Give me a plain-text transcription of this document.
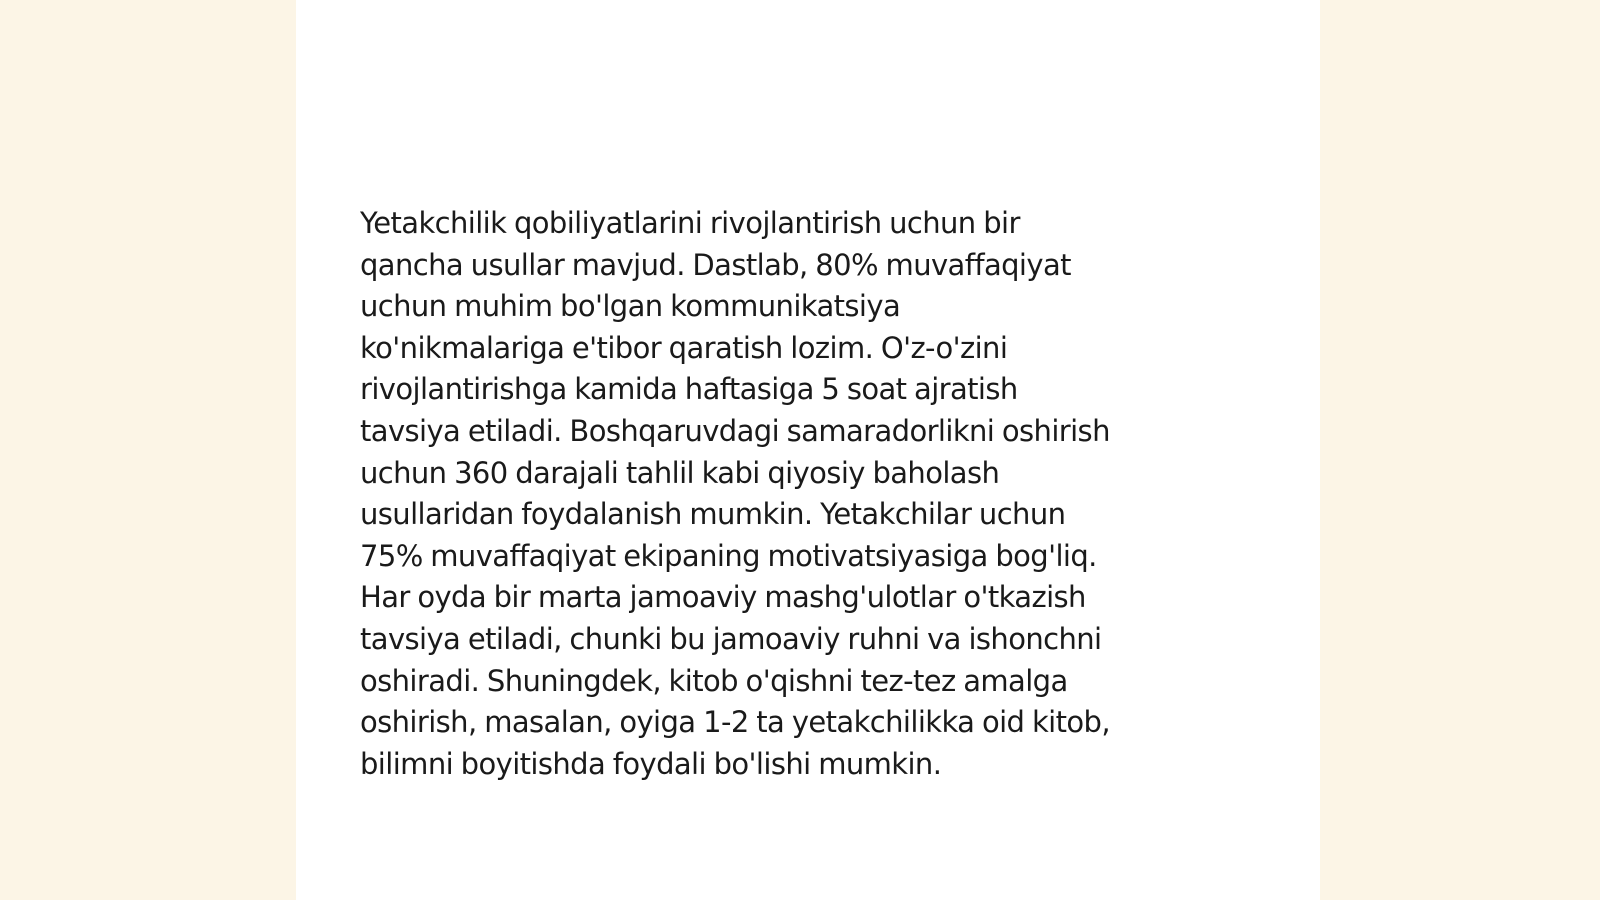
Yetakchilik qobiliyatlarini rivojlantirish uchun bir
qancha usullar mavjud. Dastlab, 80% muvaffaqiyat
uchun muhim bo'lgan kommunikatsiya
ko'nikmalariga e'tibor qaratish lozim. O'z-o'zini
rivojlantirishga kamida haftasiga 5 soat ajratish
tavsiya etiladi. Boshqaruvdagi samaradorlikni oshirish
uchun 360 darajali tahlil kabi qiyosiy baholash
usullaridan foydalanish mumkin. Yetakchilar uchun
75% muvaffaqiyat ekipaning motivatsiyasiga bog'liq.
Har oyda bir marta jamoaviy mashg'ulotlar o'tkazish
tavsiya etiladi, chunki bu jamoaviy ruhni va ishonchni
oshiradi. Shuningdek, kitob o'qishni tez-tez amalga
oshirish, masalan, oyiga 1-2 ta yetakchilikka oid kitob,
bilimni boyitishda foydali bo'lishi mumkin.
